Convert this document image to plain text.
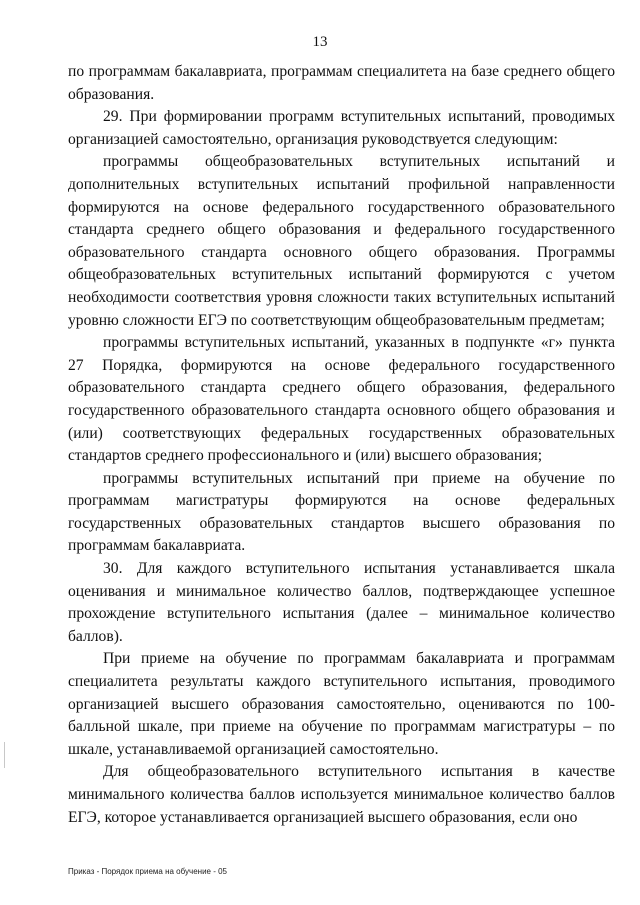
13

по программам бакалавриата, программам специалитета на базе среднего общего образования.

29. При формировании программ вступительных испытаний, проводимых организацией самостоятельно, организация руководствуется следующим:

программы общеобразовательных вступительных испытаний и дополнительных вступительных испытаний профильной направленности формируются на основе федерального государственного образовательного стандарта среднего общего образования и федерального государственного образовательного стандарта основного общего образования. Программы общеобразовательных вступительных испытаний формируются с учетом необходимости соответствия уровня сложности таких вступительных испытаний уровню сложности ЕГЭ по соответствующим общеобразовательным предметам;

программы вступительных испытаний, указанных в подпункте «г» пункта 27 Порядка, формируются на основе федерального государственного образовательного стандарта среднего общего образования, федерального государственного образовательного стандарта основного общего образования и (или) соответствующих федеральных государственных образовательных стандартов среднего профессионального и (или) высшего образования;

программы вступительных испытаний при приеме на обучение по программам магистратуры формируются на основе федеральных государственных образовательных стандартов высшего образования по программам бакалавриата.

30. Для каждого вступительного испытания устанавливается шкала оценивания и минимальное количество баллов, подтверждающее успешное прохождение вступительного испытания (далее – минимальное количество баллов).

При приеме на обучение по программам бакалавриата и программам специалитета результаты каждого вступительного испытания, проводимого организацией высшего образования самостоятельно, оцениваются по 100-балльной шкале, при приеме на обучение по программам магистратуры – по шкале, устанавливаемой организацией самостоятельно.

Для общеобразовательного вступительного испытания в качестве минимального количества баллов используется минимальное количество баллов ЕГЭ, которое устанавливается организацией высшего образования, если оно

Приказ - Порядок приема на обучение - 05
